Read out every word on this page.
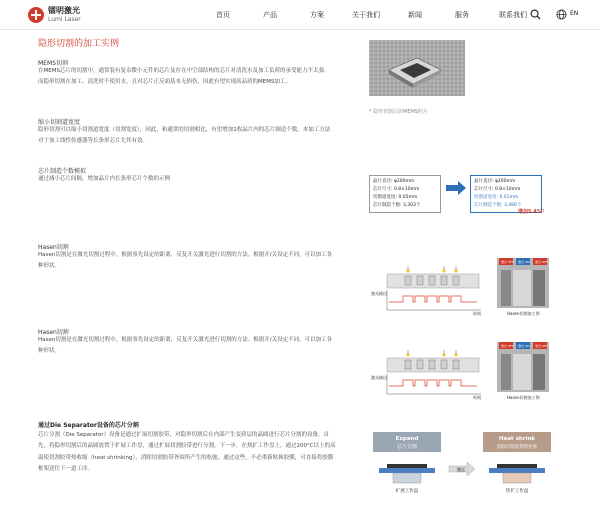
镭明激光
Lumi Laser
首页	产品	方案	关于我们	新闻	服务	联系我们	EN
隐形切割的加工实例
MEMS切割
在MEMS芯片的切割中，通常装有复杂微小元件的芯片及存在中空部结构的芯片对清洗水及加工负荷的承受能力不太强。而隐形切割在加工、清洗时不使用水，且对芯片正反面基本无损伤，因此有望实现高品质的MEMS加工。
缩小切割道宽度
隐形切割可以缩小切割道宽度（切割宽度），因此，和通常的切割相比，有望增加1枚晶片内的芯片制造个数。本加工方法对于加工线性传感器等长条形芯片尤其有效。
芯片制造个数模拟
通过减小芯片间隔，增加晶片内长条形芯片个数的示例
Hasen切割
Hasen切割是在激光切割过程中，根据事先设定的距离，反复开关激光进行切割的方法。根据开/关设定不同，可以加工各种形状。
Hasen切割
Hasen切割是在激光切割过程中，根据事先设定的距离，反复开关激光进行切割的方法。根据开/关设定不同，可以加工各种形状。
通过Die Separator设备的芯片分割
芯片分割（Die Separator）设备是通过扩展切割胶带，对隐形切割后在内部产生变质层的晶圆进行芯片分割的设备。首先，将隐形切割后的晶圆放置于扩展工作盘，通过扩展切割胶带进行分割。下一步，在热扩工作盘上，通过200°C以上的高温使切割胶带热收缩（heat shrinking），消除切割胶带外围所产生的松弛。通过这些，不必重新贴换胶膜，可直接将胶膜框架送往下一道工序。
* 隐形切割后的MEMS照片
晶片直径: φ200mm
芯片尺寸: 0.8×10mm
切割道宽度: 0.05mm
芯片制造个数: 3,303个
晶片直径: φ200mm
芯片尺寸: 0.8×10mm
切割道宽度: 0.01mm
芯片制造个数: 3,480个
增加5.4%！
激光输出
时间
激光 OFF 激光 ON 激光 OFF
Hasen切割加工例
激光输出
时间
激光 OFF 激光 ON 激光 OFF
Hasen切割加工例
Expand
芯片分割
Heat shrink
消除切割胶带的松弛
扩展工作盘
搬送
热扩工作盘
